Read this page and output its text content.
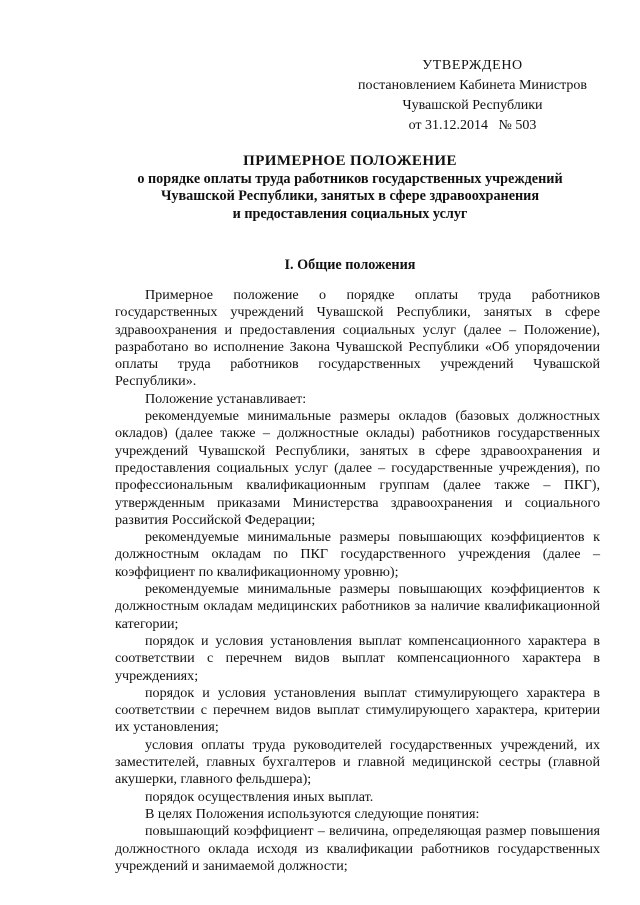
УТВЕРЖДЕНО
постановлением Кабинета Министров
Чувашской Республики
от 31.12.2014   № 503
ПРИМЕРНОЕ ПОЛОЖЕНИЕ
о порядке оплаты труда работников государственных учреждений
Чувашской Республики, занятых в сфере здравоохранения
и предоставления социальных услуг
I. Общие положения

Примерное положение о порядке оплаты труда работников государственных учреждений Чувашской Республики, занятых в сфере здравоохранения и предоставления социальных услуг (далее – Положение), разработано во исполнение Закона Чувашской Республики «Об упорядочении оплаты труда работников государственных учреждений Чувашской Республики».

Положение устанавливает:

рекомендуемые минимальные размеры окладов (базовых должностных окладов) (далее также – должностные оклады) работников государственных учреждений Чувашской Республики, занятых в сфере здравоохранения и предоставления социальных услуг (далее – государственные учреждения), по профессиональным квалификационным группам (далее также – ПКГ), утвержденным приказами Министерства здравоохранения и социального развития Российской Федерации;

рекомендуемые минимальные размеры повышающих коэффициентов к должностным окладам по ПКГ государственного учреждения (далее – коэффициент по квалификационному уровню);

рекомендуемые минимальные размеры повышающих коэффициентов к должностным окладам медицинских работников за наличие квалификационной категории;

порядок и условия установления выплат компенсационного характера в соответствии с перечнем видов выплат компенсационного характера в учреждениях;

порядок и условия установления выплат стимулирующего характера в соответствии с перечнем видов выплат стимулирующего характера, критерии их установления;

условия оплаты труда руководителей государственных учреждений, их заместителей, главных бухгалтеров и главной медицинской сестры (главной акушерки, главного фельдшера);

порядок осуществления иных выплат.

В целях Положения используются следующие понятия:

повышающий коэффициент – величина, определяющая размер повышения должностного оклада исходя из квалификации работников государственных учреждений и занимаемой должности;
